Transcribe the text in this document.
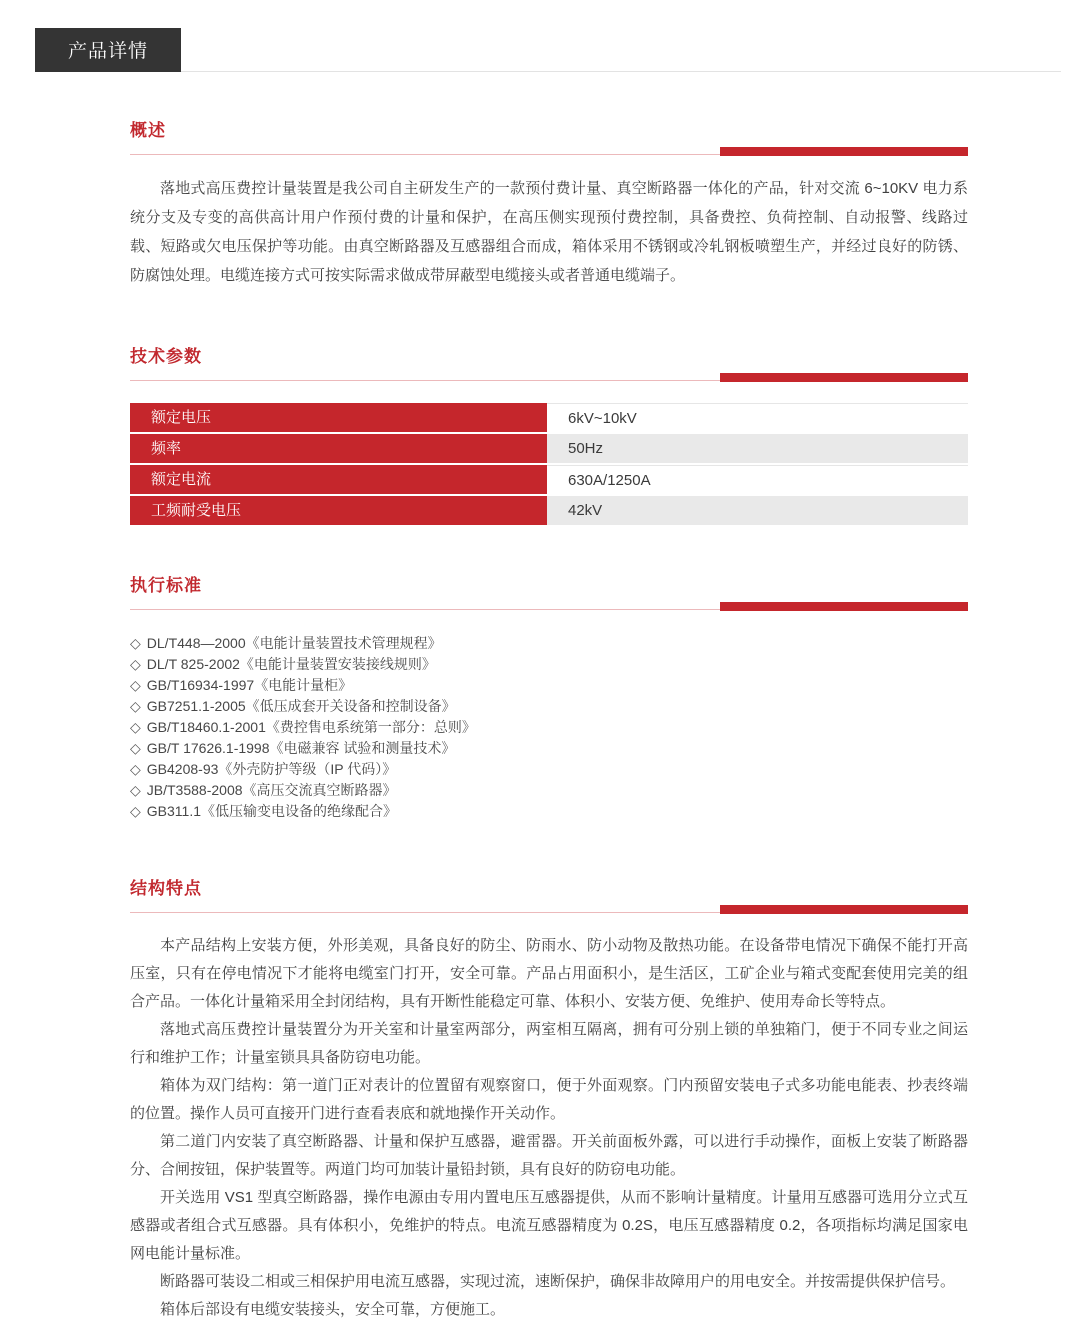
产品详情
概述

落地式高压费控计量装置是我公司自主研发生产的一款预付费计量、真空断路器一体化的产品，针对交流 6~10KV 电力系统分支及专变的高供高计用户作预付费的计量和保护，在高压侧实现预付费控制，具备费控、负荷控制、自动报警、线路过载、短路或欠电压保护等功能。由真空断路器及互感器组合而成，箱体采用不锈钢或冷轧钢板喷塑生产，并经过良好的防锈、防腐蚀处理。电缆连接方式可按实际需求做成带屏蔽型电缆接头或者普通电缆端子。

技术参数
额定电压	6kV~10kV
频率	50Hz
额定电流	630A/1250A
工频耐受电压	42kV
执行标准
◇ DL/T448—2000《电能计量装置技术管理规程》
◇ DL/T 825-2002《电能计量装置安装接线规则》
◇ GB/T16934-1997《电能计量柜》
◇ GB7251.1-2005《低压成套开关设备和控制设备》
◇ GB/T18460.1-2001《费控售电系统第一部分：总则》
◇ GB/T 17626.1-1998《电磁兼容 试验和测量技术》
◇ GB4208-93《外壳防护等级（IP 代码）》
◇ JB/T3588-2008《高压交流真空断路器》
◇ GB311.1《低压输变电设备的绝缘配合》
结构特点

本产品结构上安装方便，外形美观，具备良好的防尘、防雨水、防小动物及散热功能。在设备带电情况下确保不能打开高压室，只有在停电情况下才能将电缆室门打开，安全可靠。产品占用面积小，是生活区，工矿企业与箱式变配套使用完美的组合产品。一体化计量箱采用全封闭结构，具有开断性能稳定可靠、体积小、安装方便、免维护、使用寿命长等特点。

落地式高压费控计量装置分为开关室和计量室两部分，两室相互隔离，拥有可分别上锁的单独箱门，便于不同专业之间运行和维护工作；计量室锁具具备防窃电功能。

箱体为双门结构：第一道门正对表计的位置留有观察窗口，便于外面观察。门内预留安装电子式多功能电能表、抄表终端的位置。操作人员可直接开门进行查看表底和就地操作开关动作。

第二道门内安装了真空断路器、计量和保护互感器，避雷器。开关前面板外露，可以进行手动操作，面板上安装了断路器分、合闸按钮，保护装置等。两道门均可加装计量铅封锁，具有良好的防窃电功能。

开关选用 VS1 型真空断路器，操作电源由专用内置电压互感器提供，从而不影响计量精度。计量用互感器可选用分立式互感器或者组合式互感器。具有体积小，免维护的特点。电流互感器精度为 0.2S，电压互感器精度 0.2，各项指标均满足国家电网电能计量标准。

断路器可装设二相或三相保护用电流互感器，实现过流，速断保护，确保非故障用户的用电安全。并按需提供保护信号。

箱体后部设有电缆安装接头，安全可靠，方便施工。
